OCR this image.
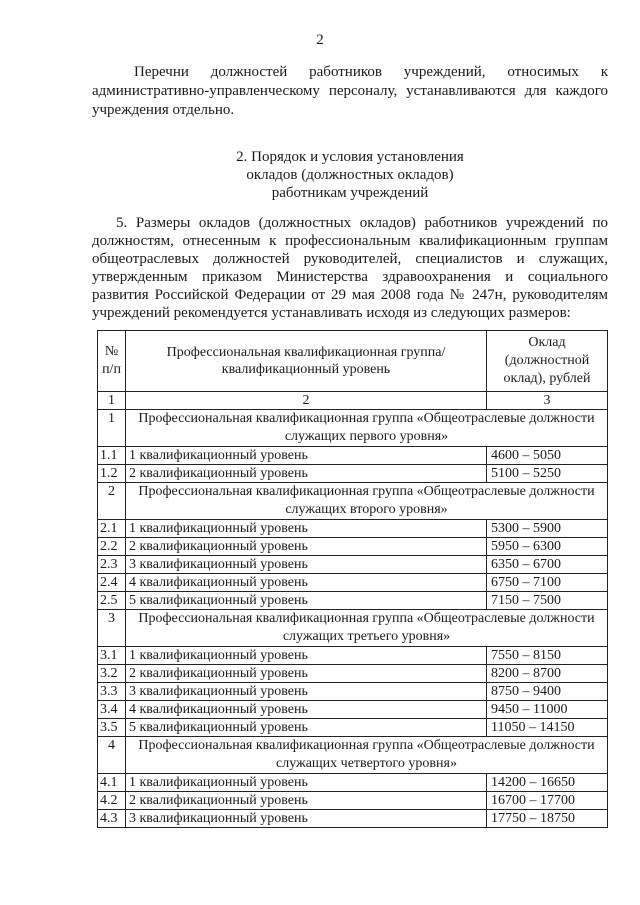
2

Перечни должностей работников учреждений, относимых к административно-управленческому персоналу, устанавливаются для каждого учреждения отдельно.

2. Порядок и условия установления
окладов (должностных окладов)
работникам учреждений

5. Размеры окладов (должностных окладов) работников учреждений по должностям, отнесенным к профессиональным квалификационным группам общеотраслевых должностей руководителей, специалистов и служащих, утвержденным приказом Министерства здравоохранения и социального развития Российской Федерации от 29 мая 2008 года № 247н, руководителям учреждений рекомендуется устанавливать исходя из следующих размеров:

№ п/п	Профессиональная квалификационная группа/ квалификационный уровень	Оклад (должностной оклад), рублей
1	2	3
1	Профессиональная квалификационная группа «Общеотраслевые должности служащих первого уровня»	
1.1	1 квалификационный уровень	4600 – 5050
1.2	2 квалификационный уровень	5100 – 5250
2	Профессиональная квалификационная группа «Общеотраслевые должности служащих второго уровня»	
2.1	1 квалификационный уровень	5300 – 5900
2.2	2 квалификационный уровень	5950 – 6300
2.3	3 квалификационный уровень	6350 – 6700
2.4	4 квалификационный уровень	6750 – 7100
2.5	5 квалификационный уровень	7150 – 7500
3	Профессиональная квалификационная группа «Общеотраслевые должности служащих третьего уровня»	
3.1	1 квалификационный уровень	7550 – 8150
3.2	2 квалификационный уровень	8200 – 8700
3.3	3 квалификационный уровень	8750 – 9400
3.4	4 квалификационный уровень	9450 – 11000
3.5	5 квалификационный уровень	11050 – 14150
4	Профессиональная квалификационная группа «Общеотраслевые должности служащих четвертого уровня»	
4.1	1 квалификационный уровень	14200 – 16650
4.2	2 квалификационный уровень	16700 – 17700
4.3	3 квалификационный уровень	17750 – 18750
